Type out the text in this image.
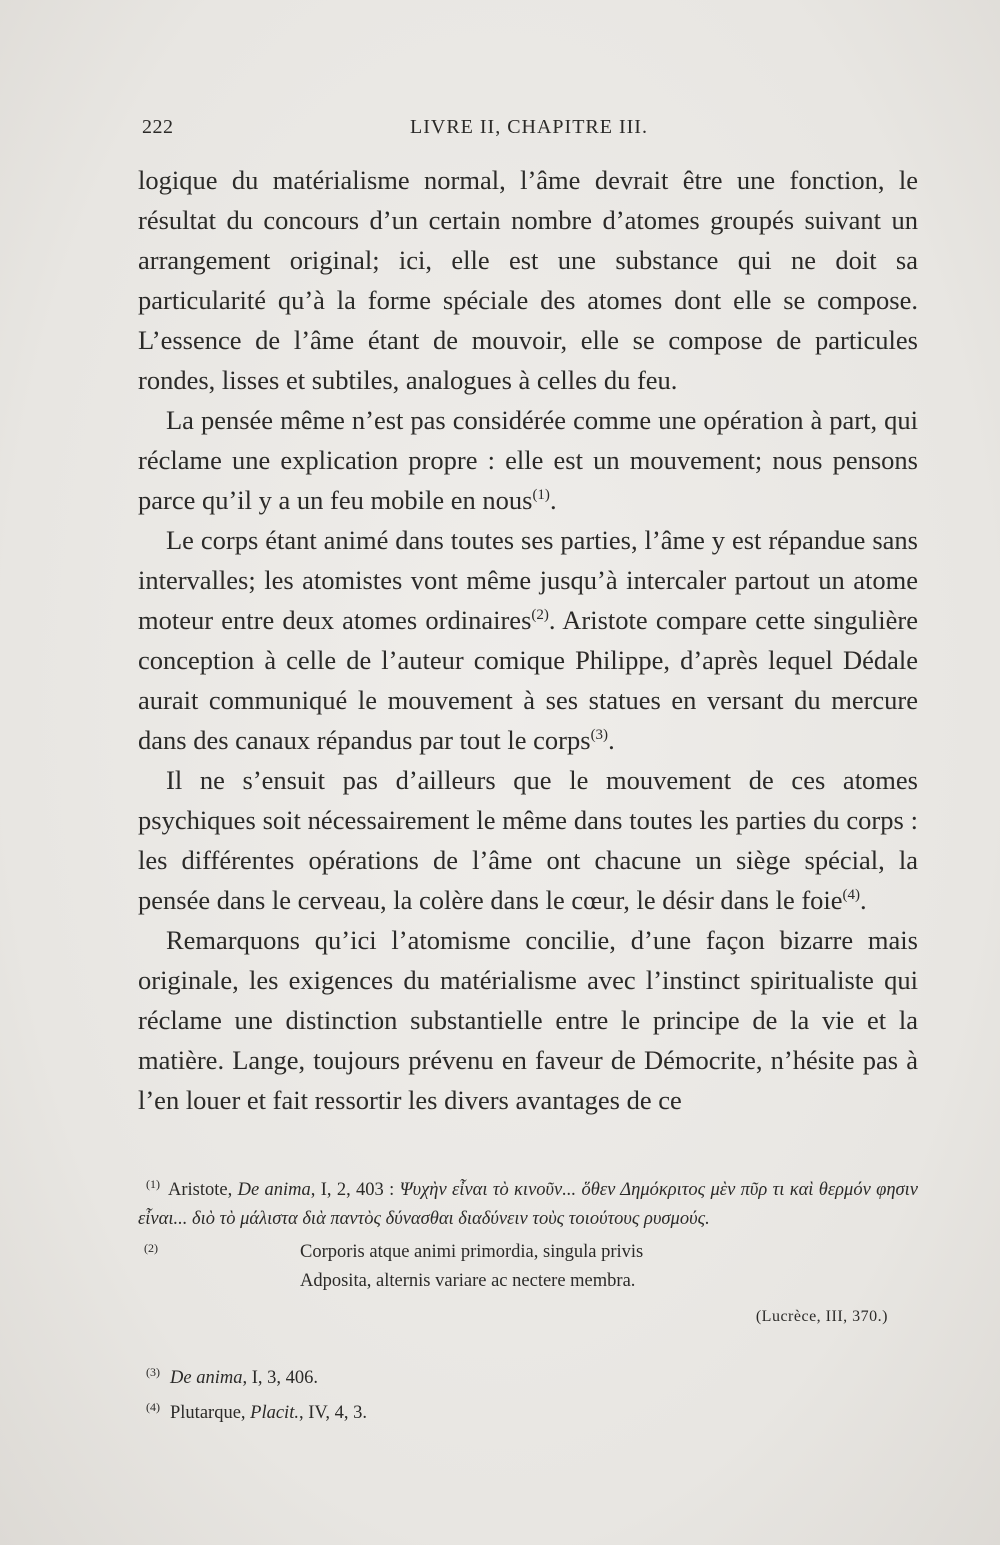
222	LIVRE II, CHAPITRE III.

logique du matérialisme normal, l’âme devrait être une fonction, le résultat du concours d’un certain nombre d’atomes groupés suivant un arrangement original; ici, elle est une substance qui ne doit sa particularité qu’à la forme spéciale des atomes dont elle se compose. L’essence de l’âme étant de mouvoir, elle se compose de particules rondes, lisses et subtiles, analogues à celles du feu.

La pensée même n’est pas considérée comme une opération à part, qui réclame une explication propre : elle est un mouvement; nous pensons parce qu’il y a un feu mobile en nous$^{(1)}$.

Le corps étant animé dans toutes ses parties, l’âme y est répandue sans intervalles; les atomistes vont même jusqu’à intercaler partout un atome moteur entre deux atomes ordinaires$^{(2)}$. Aristote compare cette singulière conception à celle de l’auteur comique Philippe, d’après lequel Dédale aurait communiqué le mouvement à ses statues en versant du mercure dans des canaux répandus par tout le corps$^{(3)}$.

Il ne s’ensuit pas d’ailleurs que le mouvement de ces atomes psychiques soit nécessairement le même dans toutes les parties du corps : les différentes opérations de l’âme ont chacune un siège spécial, la pensée dans le cerveau, la colère dans le cœur, le désir dans le foie$^{(4)}$.

Remarquons qu’ici l’atomisme concilie, d’une façon bizarre mais originale, les exigences du matérialisme avec l’instinct spiritualiste qui réclame une distinction substantielle entre le principe de la vie et la matière. Lange, toujours prévenu en faveur de Démocrite, n’hésite pas à l’en louer et fait ressortir les divers avantages de ce

$^{(1)}$ Aristote, De anima, I, 2, 403 : Ψυχὴν εἶναι τὸ κινοῦν... ὅθεν Δημόκριτος μὲν πῦρ τι καὶ θερμόν φησιν εἶναι... διὸ τὸ μάλιστα διὰ παντὸς δύνασθαι διαδύνειν τοὺς τοιούτους ρυσμούς.
(2)	Corporis atque animi primordia, singula privis
Adposita, alternis variare ac nectere membra.
(Lucrèce, III, 370.)
$^{(3)}$ De anima, I, 3, 406.
$^{(4)}$ Plutarque, Placit., IV, 4, 3.
